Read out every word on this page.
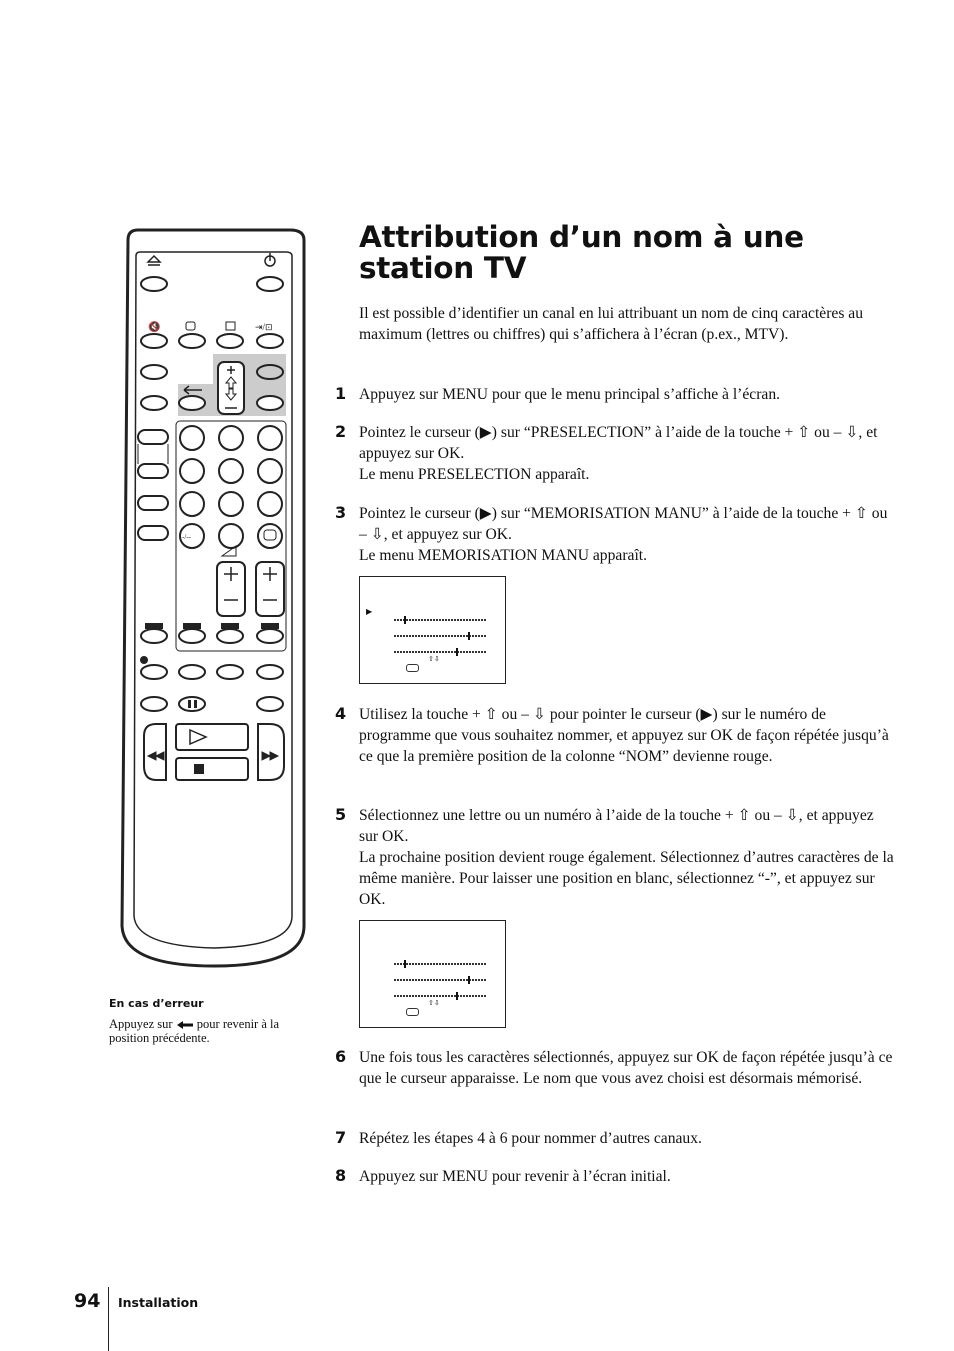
🔇	⇥/⊡
-/--
Attribution d’un nom à une station TV

Il est possible d’identifier un canal en lui attribuant un nom de cinq caractères au maximum (lettres ou chiffres) qui s’affichera à l’écran (p.ex., MTV).

1 Appuyez sur MENU pour que le menu principal s’affiche à l’écran.
2 Pointez le curseur (▶) sur “PRESELECTION” à l’aide de la touche + ⇧ ou – ⇩, et appuyez sur OK.
Le menu PRESELECTION apparaît.
3 Pointez le curseur (▶) sur “MEMORISATION MANU” à l’aide de la touche + ⇧ ou – ⇩, et appuyez sur OK.
Le menu MEMORISATION MANU apparaît.
▶
⇧⇩
4 Utilisez la touche + ⇧ ou – ⇩ pour pointer le curseur (▶) sur le numéro de programme que vous souhaitez nommer, et appuyez sur OK de façon répétée jusqu’à ce que la première position de la colonne “NOM” devienne rouge.
5 Sélectionnez une lettre ou un numéro à l’aide de la touche + ⇧ ou – ⇩, et appuyez sur OK.
La prochaine position devient rouge également. Sélectionnez d’autres caractères de la même manière. Pour laisser une position en blanc, sélectionnez “-”, et appuyez sur OK.
⇧⇩
6 Une fois tous les caractères sélectionnés, appuyez sur OK de façon répétée jusqu’à ce que le curseur apparaisse. Le nom que vous avez choisi est désormais mémorisé.
7 Répétez les étapes 4 à 6 pour nommer d’autres canaux.
8 Appuyez sur MENU pour revenir à l’écran initial.
En cas d’erreur
Appuyez sur pour revenir à la position précédente.
94 Installation
